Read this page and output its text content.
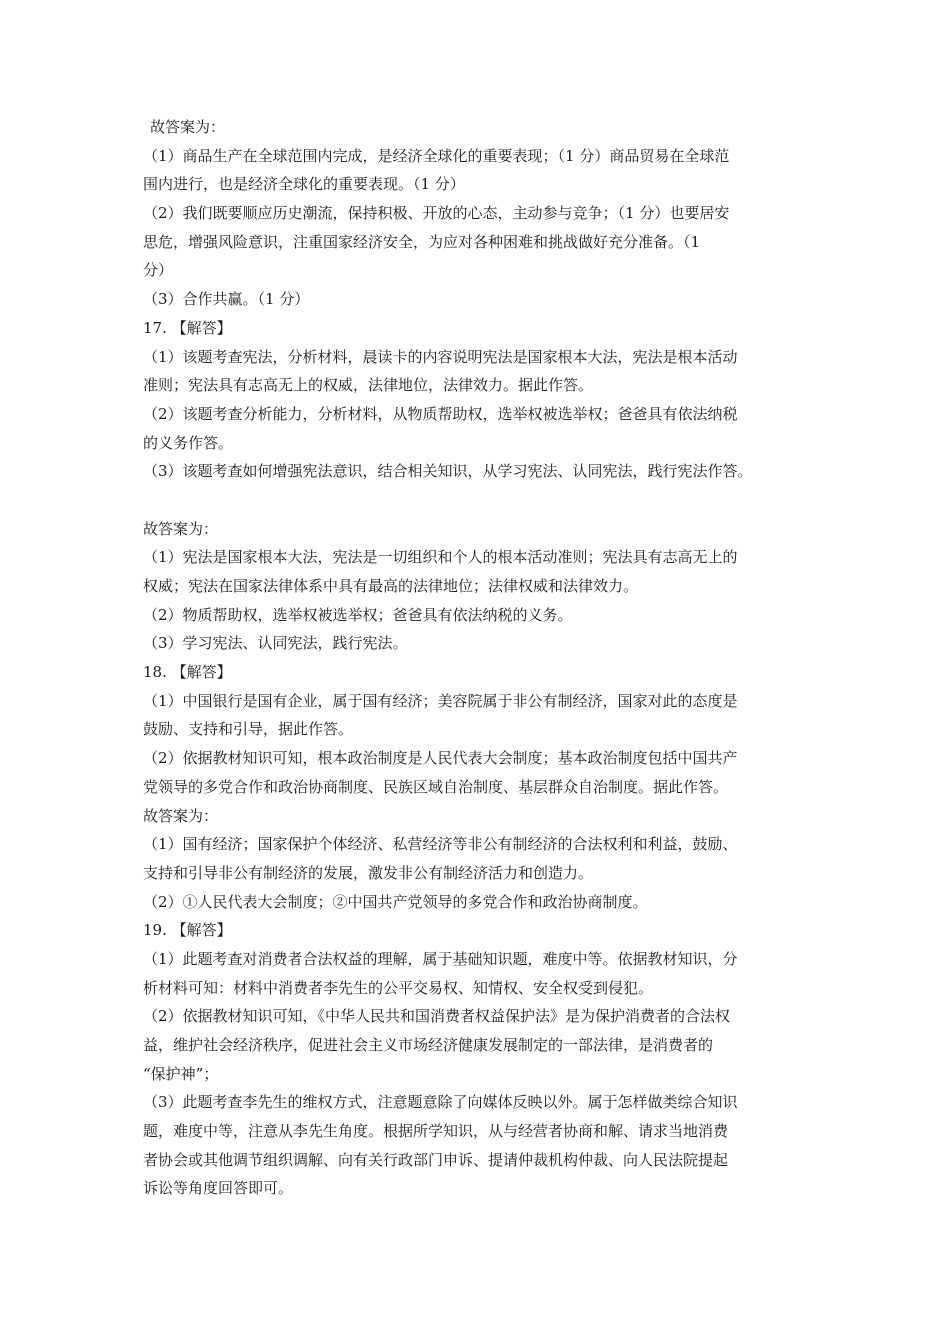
故答案为：
（1）商品生产在全球范围内完成，是经济全球化的重要表现；（1 分）商品贸易在全球范
围内进行，也是经济全球化的重要表现。（1 分）
（2）我们既要顺应历史潮流，保持积极、开放的心态，主动参与竞争；（1 分）也要居安
思危，增强风险意识，注重国家经济安全，为应对各种困难和挑战做好充分准备。（1
分）
（3）合作共赢。（1 分）
17. 【解答】
（1）该题考查宪法，分析材料，晨读卡的内容说明宪法是国家根本大法，宪法是根本活动
准则；宪法具有志高无上的权威，法律地位，法律效力。据此作答。
（2）该题考查分析能力，分析材料，从物质帮助权，选举权被选举权；爸爸具有依法纳税
的义务作答。
（3）该题考查如何增强宪法意识，结合相关知识，从学习宪法、认同宪法，践行宪法作答。
故答案为：
（1）宪法是国家根本大法，宪法是一切组织和个人的根本活动准则；宪法具有志高无上的
权威；宪法在国家法律体系中具有最高的法律地位；法律权威和法律效力。
（2）物质帮助权，选举权被选举权；爸爸具有依法纳税的义务。
（3）学习宪法、认同宪法，践行宪法。
18. 【解答】
（1）中国银行是国有企业，属于国有经济；美容院属于非公有制经济，国家对此的态度是
鼓励、支持和引导，据此作答。
（2）依据教材知识可知，根本政治制度是人民代表大会制度；基本政治制度包括中国共产
党领导的多党合作和政治协商制度、民族区域自治制度、基层群众自治制度。据此作答。
故答案为：
（1）国有经济；国家保护个体经济、私营经济等非公有制经济的合法权利和利益，鼓励、
支持和引导非公有制经济的发展，激发非公有制经济活力和创造力。
（2）①人民代表大会制度；②中国共产党领导的多党合作和政治协商制度。
19. 【解答】
（1）此题考查对消费者合法权益的理解，属于基础知识题，难度中等。依据教材知识，分
析材料可知：材料中消费者李先生的公平交易权、知情权、安全权受到侵犯。
（2）依据教材知识可知，《中华人民共和国消费者权益保护法》是为保护消费者的合法权
益，维护社会经济秩序，促进社会主义市场经济健康发展制定的一部法律，是消费者的
“保护神”；
（3）此题考查李先生的维权方式，注意题意除了向媒体反映以外。属于怎样做类综合知识
题，难度中等，注意从李先生角度。根据所学知识，从与经营者协商和解、请求当地消费
者协会或其他调节组织调解、向有关行政部门申诉、提请仲裁机构仲裁、向人民法院提起
诉讼等角度回答即可。
